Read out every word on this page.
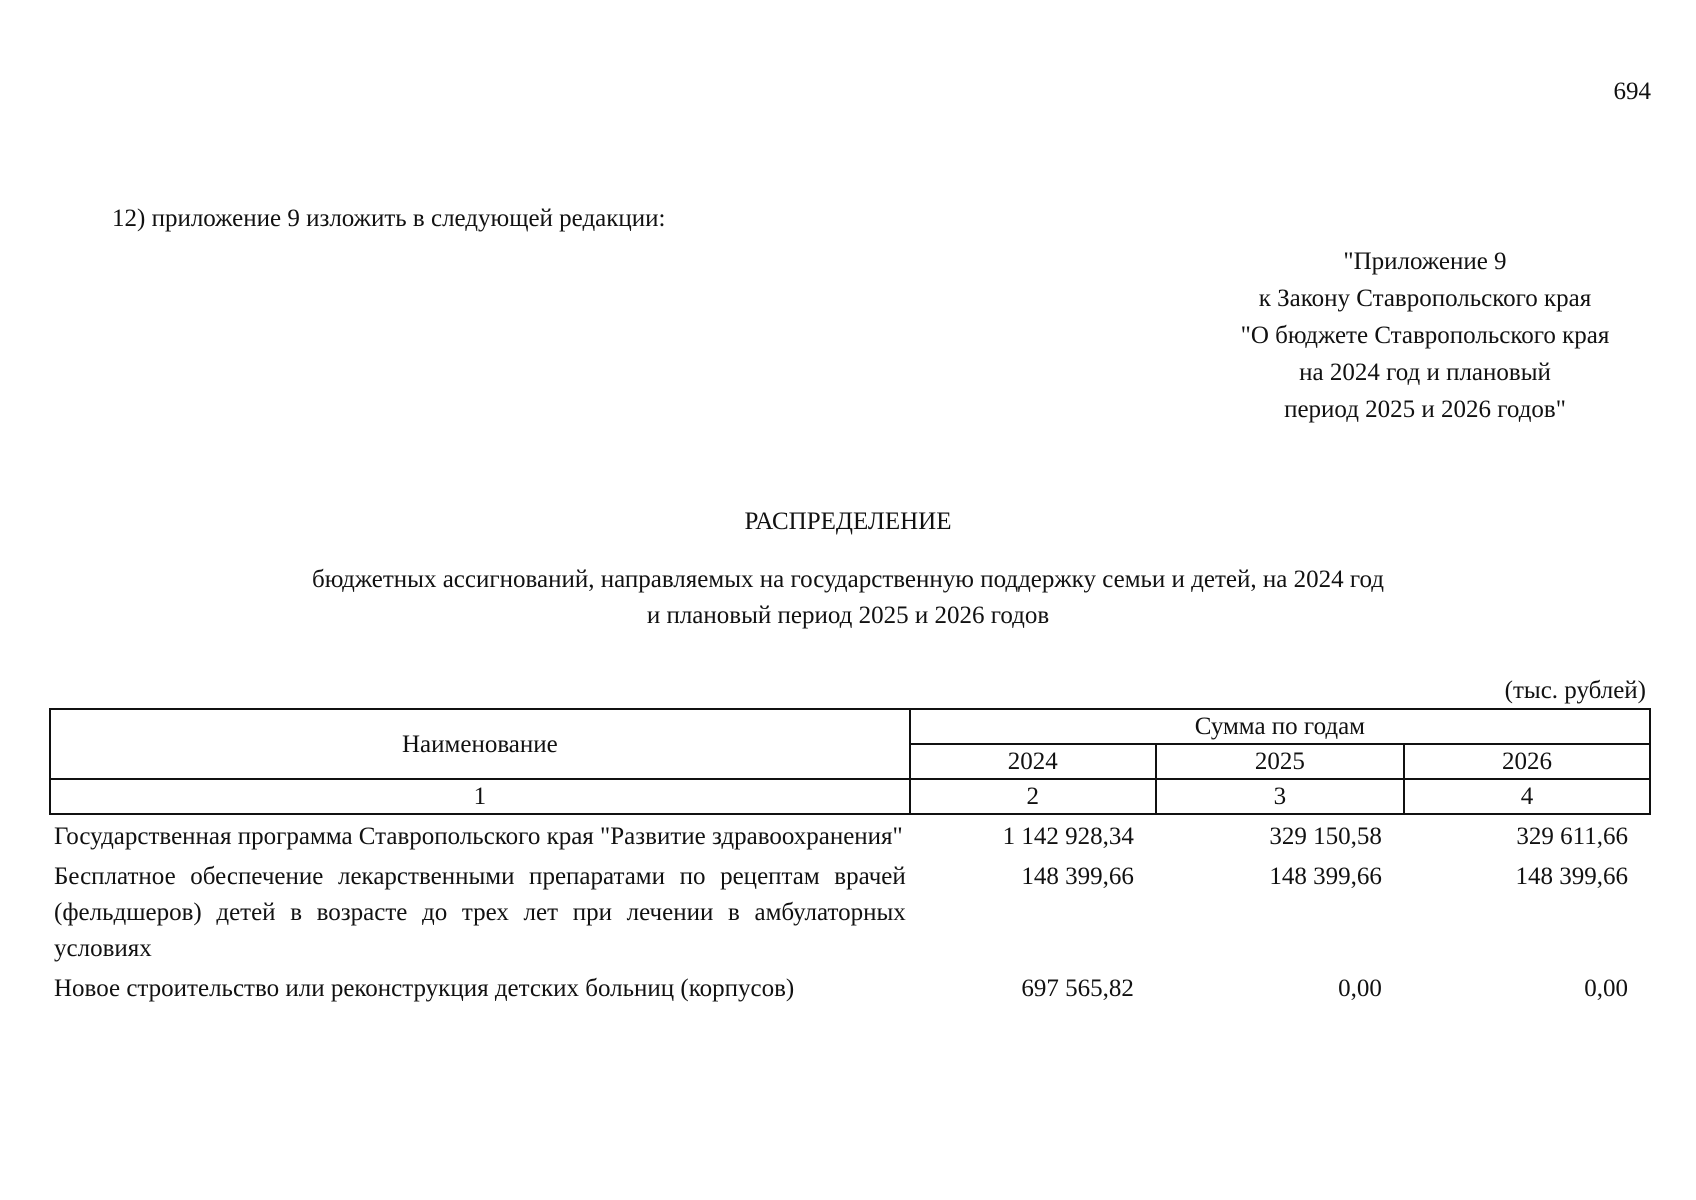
694
12) приложение 9 изложить в следующей редакции:
"Приложение 9
к Закону Ставропольского края
"О бюджете Ставропольского края
на 2024 год и плановый
период 2025 и 2026 годов"
РАСПРЕДЕЛЕНИЕ
бюджетных ассигнований, направляемых на государственную поддержку семьи и детей, на 2024 год
и плановый период 2025 и 2026 годов
(тыс. рублей)
Наименование	Сумма по годам		
	2024	2025	2026
1	2	3	4
Государственная программа Ставропольского края "Развитие здравоохранения"	1 142 928,34	329 150,58	329 611,66
Бесплатное обеспечение лекарственными препаратами по рецептам врачей (фельдшеров) детей в возрасте до трех лет при лечении в амбулаторных условиях	148 399,66	148 399,66	148 399,66
Новое строительство или реконструкция детских больниц (корпусов)	697 565,82	0,00	0,00
